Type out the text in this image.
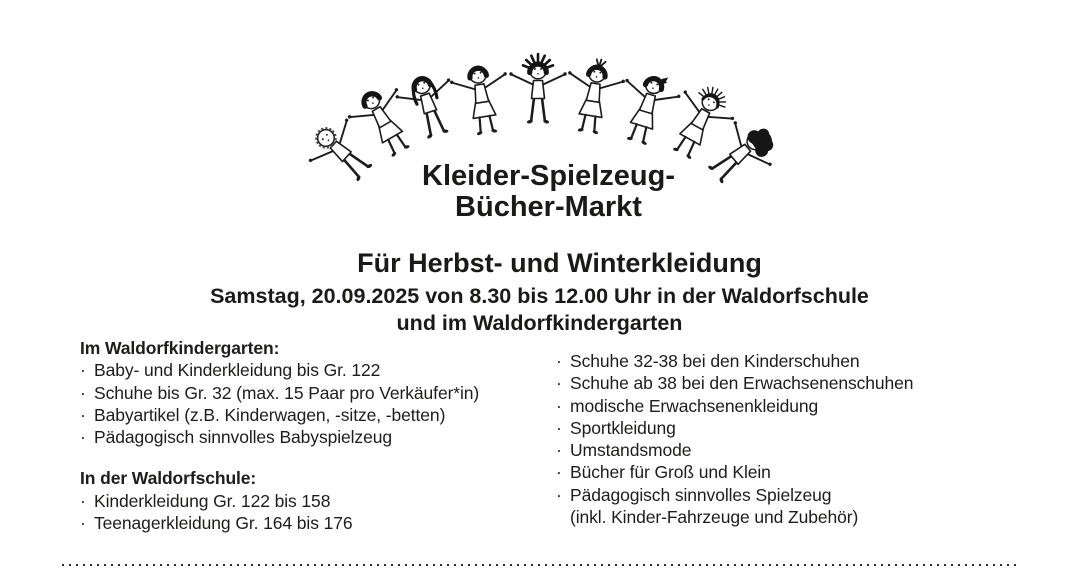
Kleider-Spielzeug-
Bücher-Markt
Für Herbst- und Winterkleidung
Samstag, 20.09.2025 von 8.30 bis 12.00 Uhr in der Waldorfschule
und im Waldorfkindergarten
Im Waldorfkindergarten:
· Baby- und Kinderkleidung bis Gr. 122
· Schuhe bis Gr. 32 (max. 15 Paar pro Verkäufer*in)
· Babyartikel (z.B. Kinderwagen, -sitze, -betten)
· Pädagogisch sinnvolles Babyspielzeug
In der Waldorfschule:
· Kinderkleidung Gr. 122 bis 158
· Teenagerkleidung Gr. 164 bis 176
· Schuhe 32-38 bei den Kinderschuhen
· Schuhe ab 38 bei den Erwachsenenschuhen
· modische Erwachsenenkleidung
· Sportkleidung
· Umstandsmode
· Bücher für Groß und Klein
· Pädagogisch sinnvolles Spielzeug
(inkl. Kinder-Fahrzeuge und Zubehör)
